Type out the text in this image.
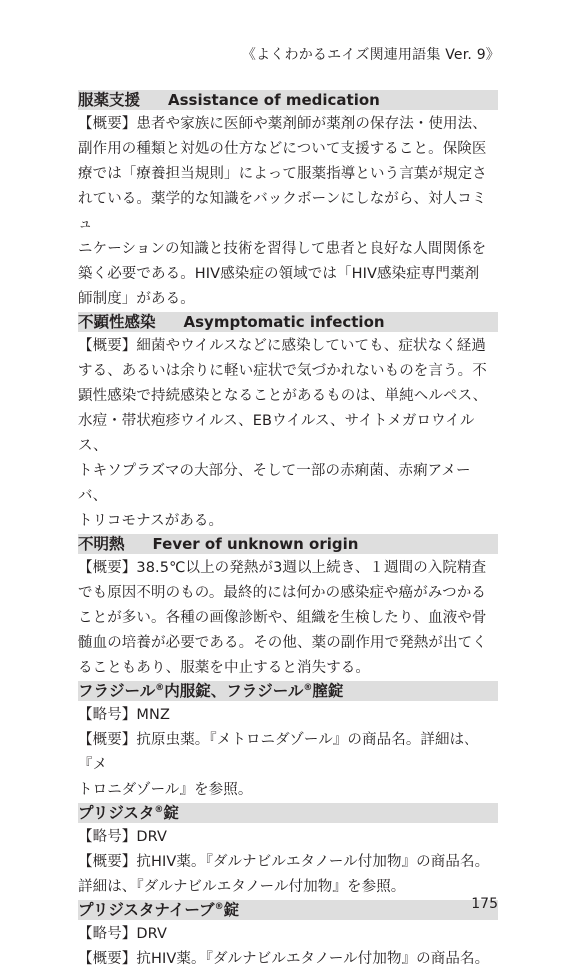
《よくわかるエイズ関連用語集 Ver. 9》
服薬支援 Assistance of medication

【概要】患者や家族に医師や薬剤師が薬剤の保存法・使用法、

副作用の種類と対処の仕方などについて支援すること。保険医

療では「療養担当規則」によって服薬指導という言葉が規定さ

れている。薬学的な知識をバックボーンにしながら、対人コミュ

ニケーションの知識と技術を習得して患者と良好な人間関係を

築く必要である。HIV感染症の領域では「HIV感染症専門薬剤

師制度」がある。

不顕性感染 Asymptomatic infection

【概要】細菌やウイルスなどに感染していても、症状なく経過

する、あるいは余りに軽い症状で気づかれないものを言う。不

顕性感染で持続感染となることがあるものは、単純ヘルペス、

水痘・帯状疱疹ウイルス、EBウイルス、サイトメガロウイルス、

トキソプラズマの大部分、そして一部の赤痢菌、赤痢アメーバ、

トリコモナスがある。

不明熱 Fever of unknown origin

【概要】38.5℃以上の発熱が3週以上続き、１週間の入院精査

でも原因不明のもの。最終的には何かの感染症や癌がみつかる

ことが多い。各種の画像診断や、組織を生検したり、血液や骨

髄血の培養が必要である。その他、薬の副作用で発熱が出てく

ることもあり、服薬を中止すると消失する。

フラジール®内服錠、フラジール®膣錠

【略号】MNZ

【概要】抗原虫薬。『メトロニダゾール』の商品名。詳細は､『メ

トロニダゾール』を参照。

プリジスタ®錠

【略号】DRV

【概要】抗HIV薬。『ダルナビルエタノール付加物』の商品名。

詳細は、『ダルナビルエタノール付加物』を参照。

プリジスタナイーブ®錠

【略号】DRV

【概要】抗HIV薬。『ダルナビルエタノール付加物』の商品名。

175
